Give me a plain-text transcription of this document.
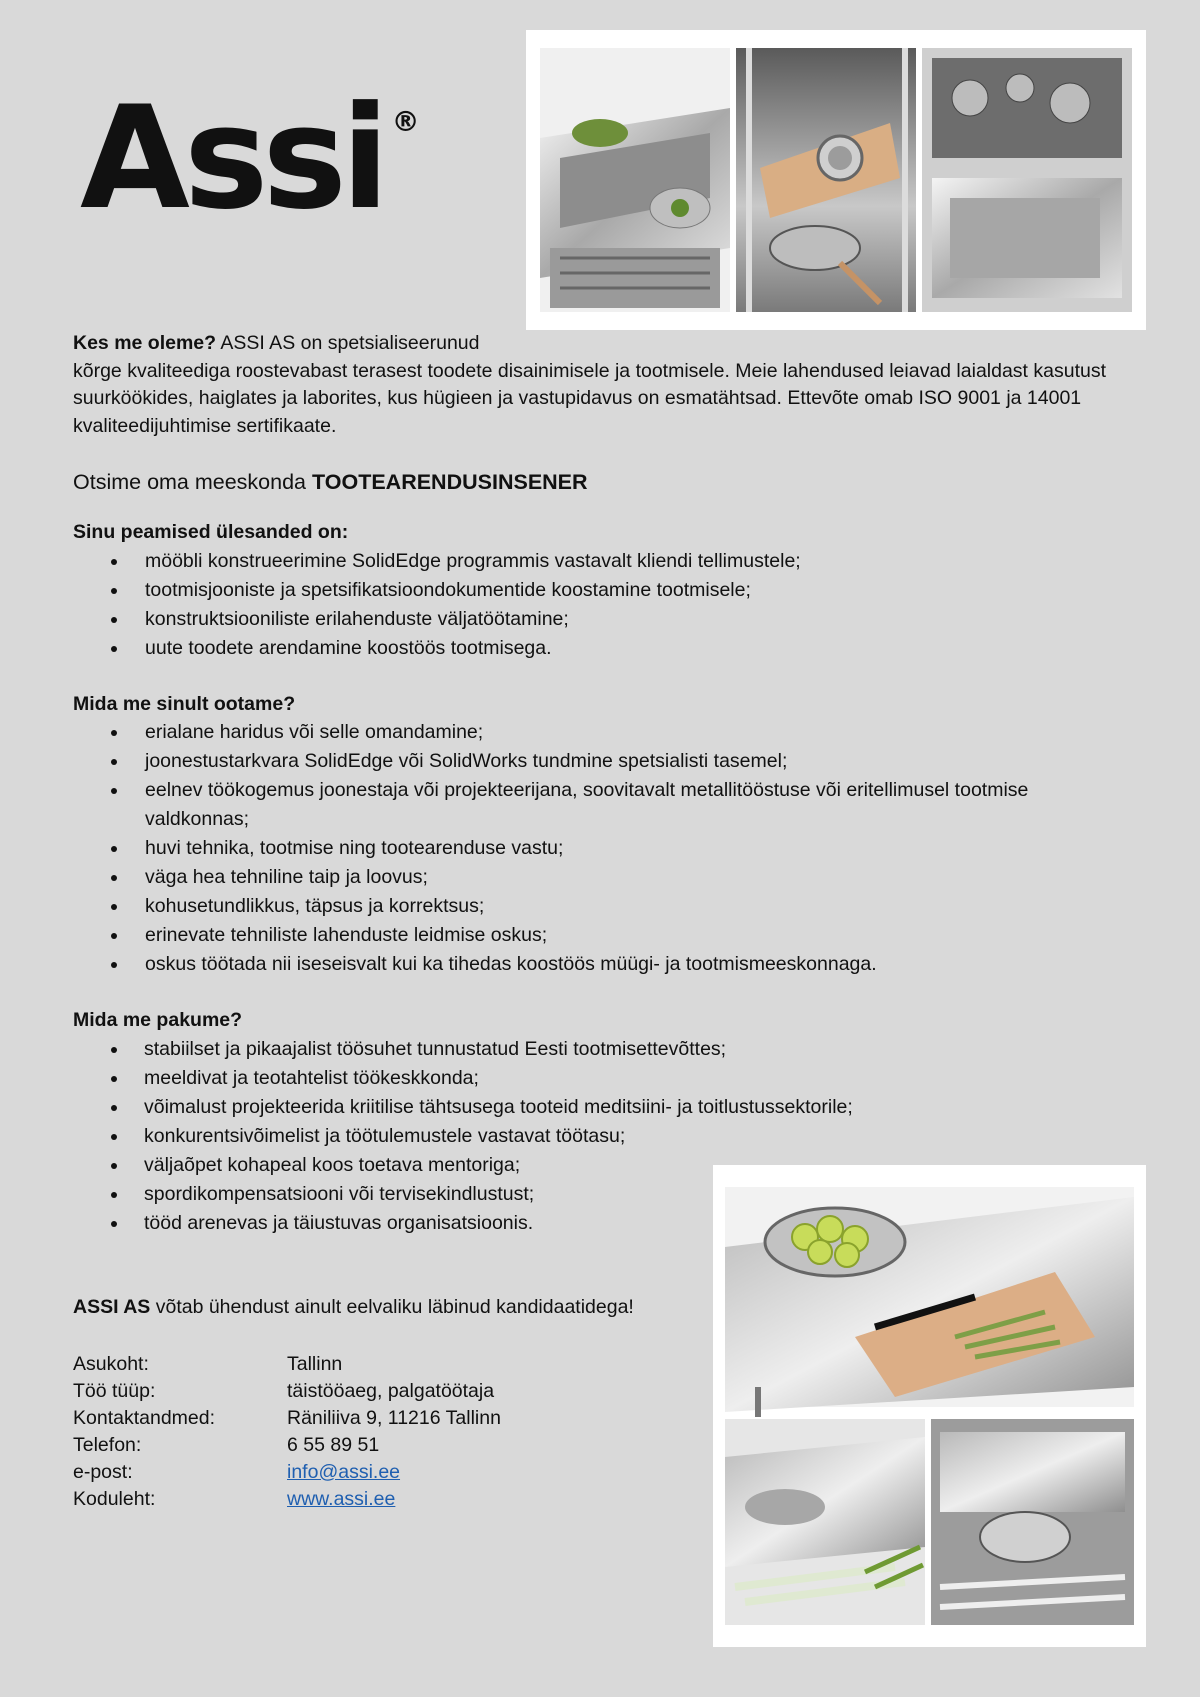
Assi ®

Kes me oleme? ASSI AS on spetsialiseerunud

kõrge kvaliteediga roostevabast terasest toodete disainimisele ja tootmisele. Meie lahendused leiavad laialdast kasutust suurköökides, haiglates ja laborites, kus hügieen ja vastupidavus on esmatähtsad. Ettevõte omab ISO 9001 ja 14001 kvaliteedijuhtimise sertifikaate.

Otsime oma meeskonda TOOTEARENDUSINSENER

Sinu peamised ülesanded on:

mööbli konstrueerimine SolidEdge programmis vastavalt kliendi tellimustele;
tootmisjooniste ja spetsifikatsioondokumentide koostamine tootmisele;
konstruktsiooniliste erilahenduste väljatöötamine;
uute toodete arendamine koostöös tootmisega.

Mida me sinult ootame?

erialane haridus või selle omandamine;
joonestustarkvara SolidEdge või SolidWorks tundmine spetsialisti tasemel;
eelnev töökogemus joonestaja või projekteerijana, soovitavalt metallitööstuse või eritellimusel tootmise valdkonnas;
huvi tehnika, tootmise ning tootearenduse vastu;
väga hea tehniline taip ja loovus;
kohusetundlikkus, täpsus ja korrektsus;
erinevate tehniliste lahenduste leidmise oskus;
oskus töötada nii iseseisvalt kui ka tihedas koostöös müügi- ja tootmismeeskonnaga.

Mida me pakume?

stabiilset ja pikaajalist töösuhet tunnustatud Eesti tootmisettevõttes;
meeldivat ja teotahtelist töökeskkonda;
võimalust projekteerida kriitilise tähtsusega tooteid meditsiini- ja toitlustussektorile;
konkurentsivõimelist ja töötulemustele vastavat töötasu;
väljaõpet kohapeal koos toetava mentoriga;
spordikompensatsiooni või tervisekindlustust;
tööd arenevas ja täiustuvas organisatsioonis.

ASSI AS võtab ühendust ainult eelvaliku läbinud kandidaatidega!

Asukoht:	Tallinn
Töö tüüp:	täistööaeg, palgatöötaja
Kontaktandmed:	Räniliiva 9, 11216 Tallinn
Telefon:	6 55 89 51
e-post:	info@assi.ee
Koduleht:	www.assi.ee
